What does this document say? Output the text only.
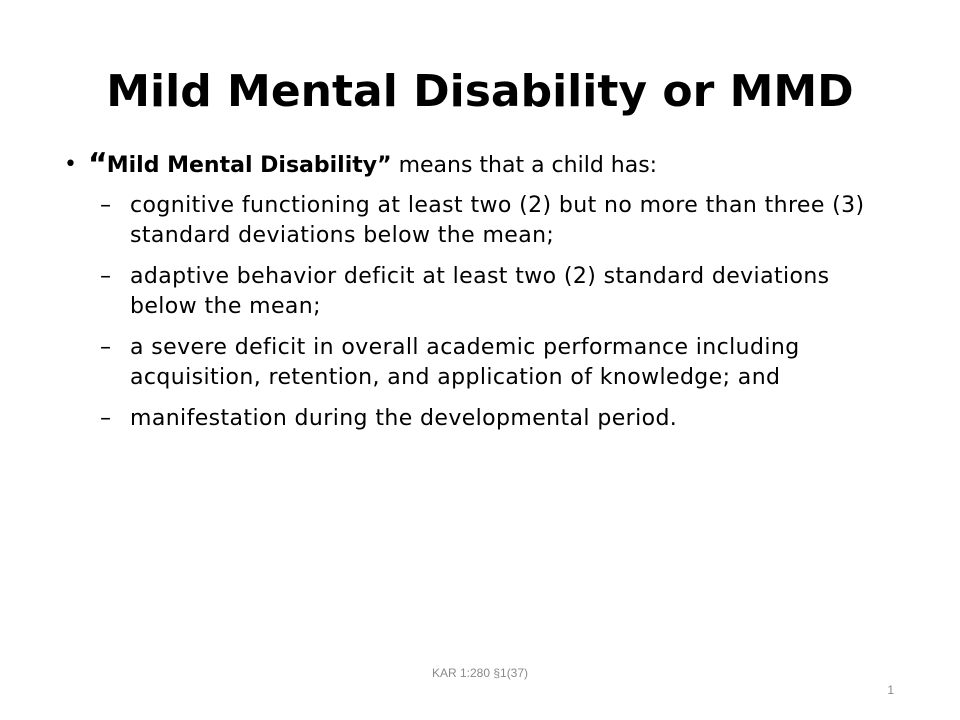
Mild Mental Disability or MMD
• “Mild Mental Disability” means that a child has:
– cognitive functioning at least two (2) but no more than three (3) standard deviations below the mean;
– adaptive behavior deficit at least two (2) standard deviations below the mean;
– a severe deficit in overall academic performance including acquisition, retention, and application of knowledge; and
– manifestation during the developmental period.
KAR 1:280 §1(37)
1
